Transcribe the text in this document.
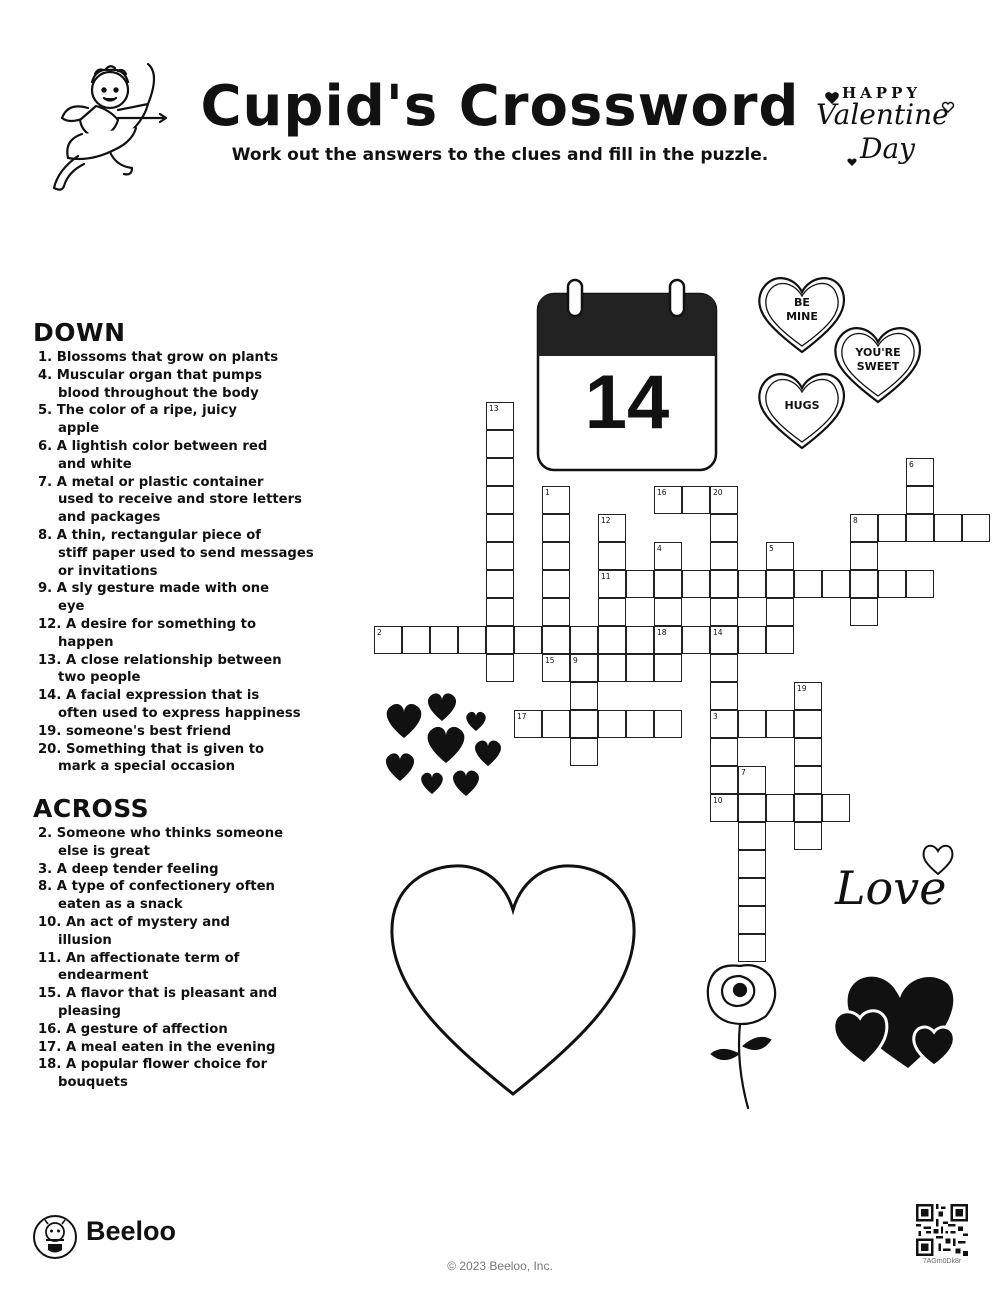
Cupid's Crossword

Work out the answers to the clues and fill in the puzzle.

HAPPY
Valentine
Day
DOWN
1. Blossoms that grow on plants
4. Muscular organ that pumps
blood throughout the body
5. The color of a ripe, juicy
apple
6. A lightish color between red
and white
7. A metal or plastic container
used to receive and store letters
and packages
8. A thin, rectangular piece of
stiff paper used to send messages
or invitations
9. A sly gesture made with one
eye
12. A desire for something to
happen
13. A close relationship between
two people
14. A facial expression that is
often used to express happiness
19. someone's best friend
20. Something that is given to
mark a special occasion
ACROSS
2. Someone who thinks someone
else is great
3. A deep tender feeling
8. A type of confectionery often
eaten as a snack
10. An act of mystery and
illusion
11. An affectionate term of
endearment
15. A flavor that is pleasant and
pleasing
16. A gesture of affection
17. A meal eaten in the evening
18. A popular flower choice for
bouquets
14
BE
MINE
YOU'RE
SWEET
HUGS
Love
13
6
1	16	20
12	8
4	5
11
2	18	14
15 9
19
17	3
7
10

Beeloo

© 2023 Beeloo, Inc.	7AGm0Dk8r
